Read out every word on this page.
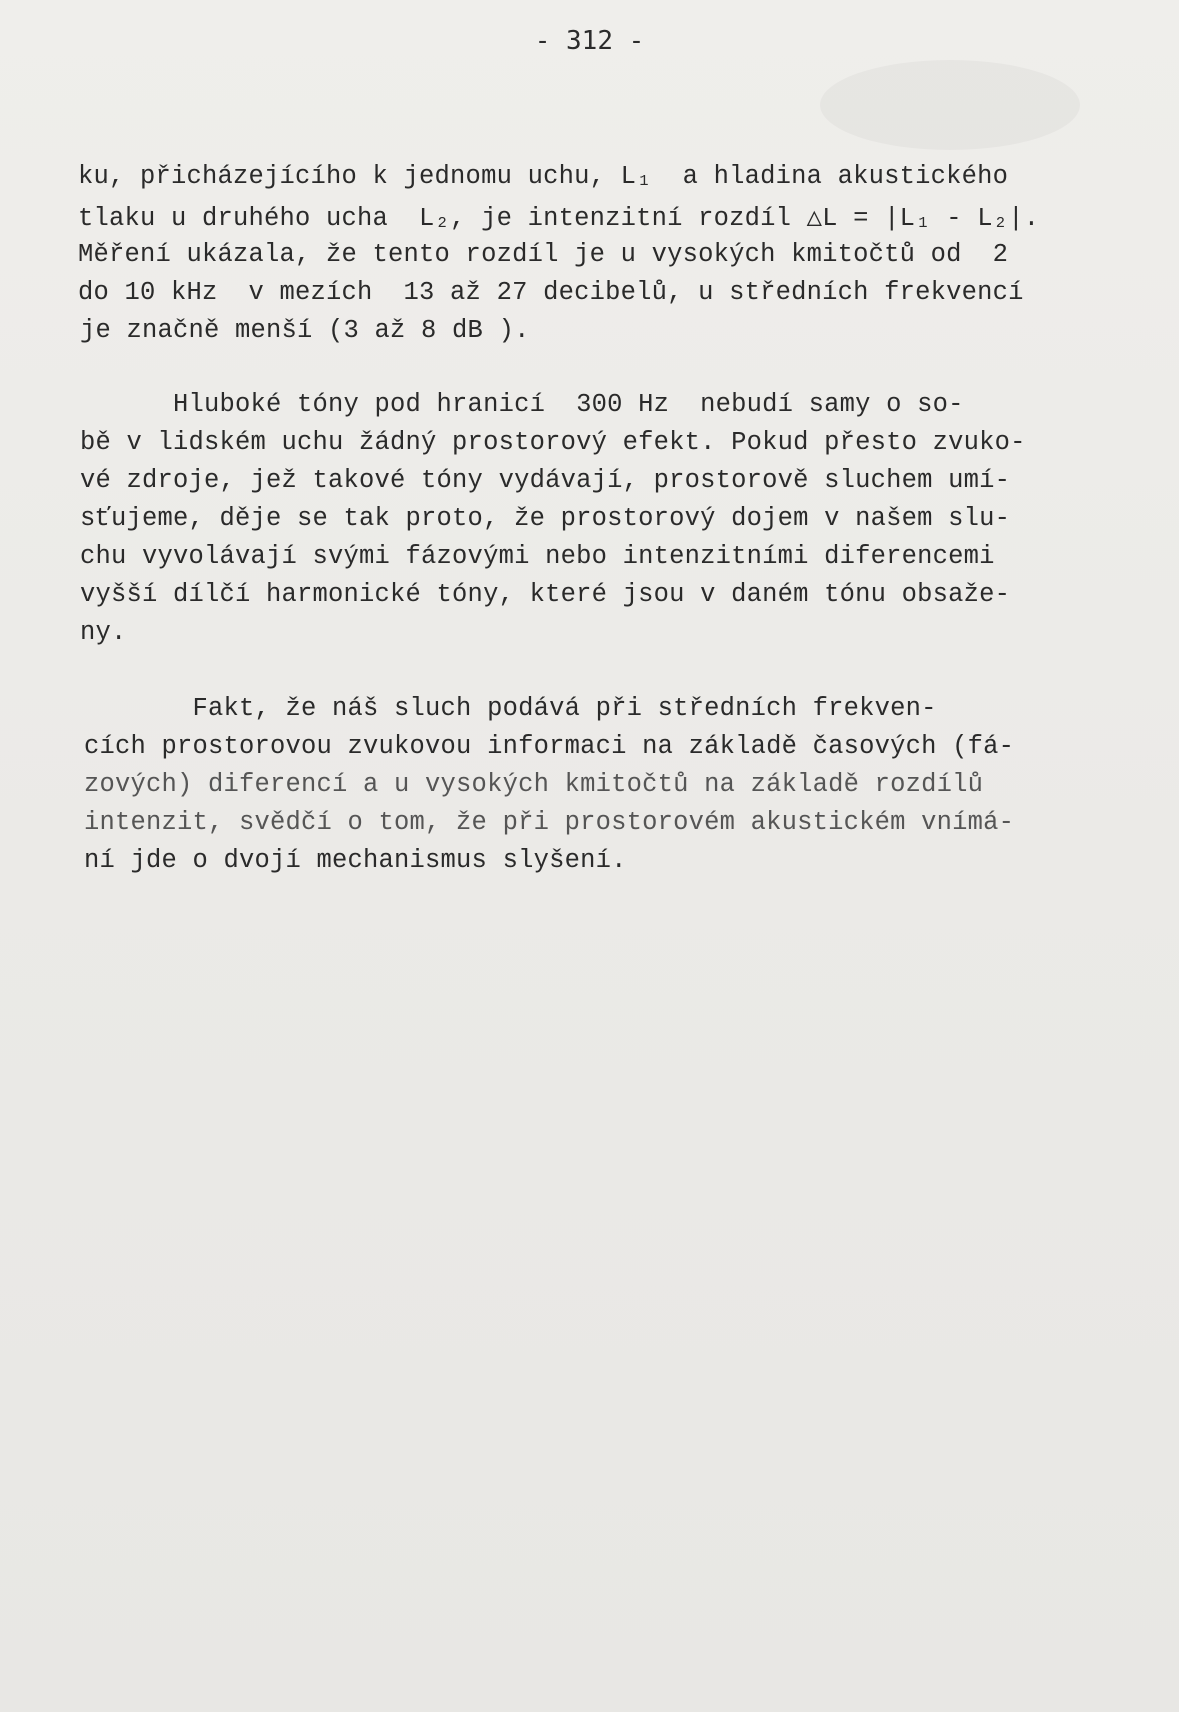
- 312 -
ku, přicházejícího k jednomu uchu, L₁  a hladina akustického
tlaku u druhého ucha  L₂, je intenzitní rozdíl △L = |L₁ - L₂|.
Měření ukázala, že tento rozdíl je u vysokých kmitočtů od  2
do 10 kHz  v mezích  13 až 27 decibelů, u středních frekvencí
je značně menší (3 až 8 dB ).
Hluboké tóny pod hranicí  300 Hz  nebudí samy o so-
bě v lidském uchu žádný prostorový efekt. Pokud přesto zvuko-
vé zdroje, jež takové tóny vydávají, prostorově sluchem umí-
sťujeme, děje se tak proto, že prostorový dojem v našem slu-
chu vyvolávají svými fázovými nebo intenzitními diferencemi
vyšší dílčí harmonické tóny, které jsou v daném tónu obsaže-
ny.
Fakt, že náš sluch podává při středních frekven-
cích prostorovou zvukovou informaci na základě časových (fá-
zových) diferencí a u vysokých kmitočtů na základě rozdílů
intenzit, svědčí o tom, že při prostorovém akustickém vnímá-
ní jde o dvojí mechanismus slyšení.
